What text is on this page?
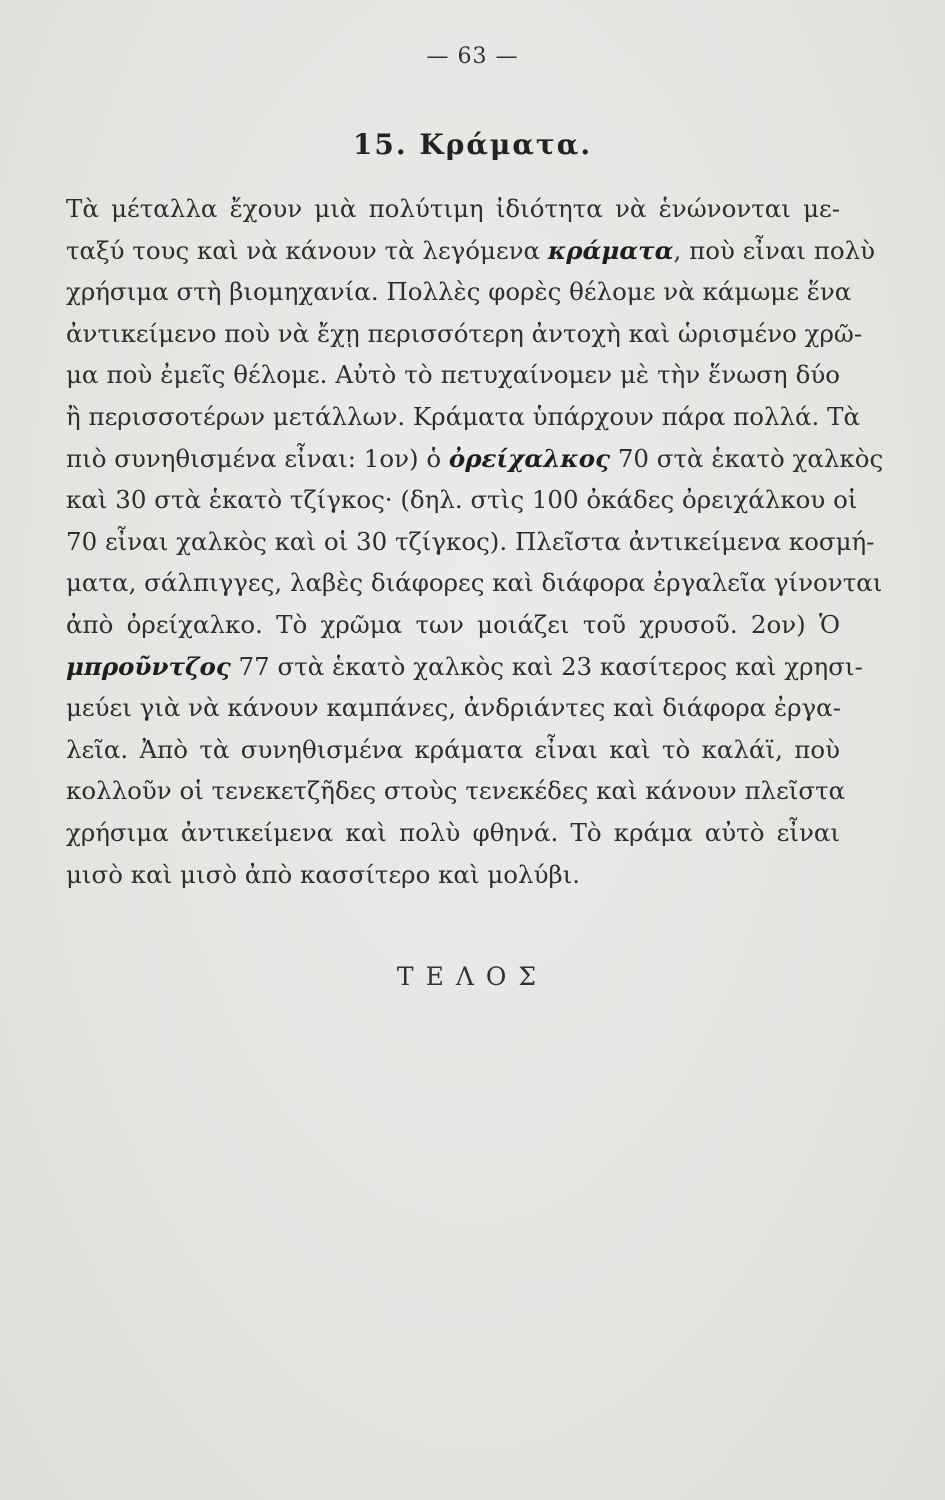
— 63 —
15. Κράματα.
Τὰ μέταλλα ἔχουν μιὰ πολύτιμη ἰδιότητα νὰ ἑνώνονται με-
ταξύ τους καὶ νὰ κάνουν τὰ λεγόμενα κράματα, ποὺ εἶναι πολὺ
χρήσιμα στὴ βιομηχανία. Πολλὲς φορὲς θέλομε νὰ κάμωμε ἕνα
ἀντικείμενο ποὺ νὰ ἔχῃ περισσότερη ἀντοχὴ καὶ ὡρισμένο χρῶ-
μα ποὺ ἐμεῖς θέλομε. Αὐτὸ τὸ πετυχαίνομεν μὲ τὴν ἕνωση δύο
ἢ περισσοτέρων μετάλλων. Κράματα ὑπάρχουν πάρα πολλά. Τὰ
πιὸ συνηθισμένα εἶναι: 1ον) ὁ ὀρείχαλκος 70 στὰ ἑκατὸ χαλκὸς
καὶ 30 στὰ ἑκατὸ τζίγκος· (δηλ. στὶς 100 ὀκάδες ὀρειχάλκου οἱ
70 εἶναι χαλκὸς καὶ οἱ 30 τζίγκος). Πλεῖστα ἀντικείμενα κοσμή-
ματα, σάλπιγγες, λαβὲς διάφορες καὶ διάφορα ἐργαλεῖα γίνονται
ἀπὸ ὀρείχαλκο. Τὸ χρῶμα των μοιάζει τοῦ χρυσοῦ. 2ον) Ὁ
μπροῦντζος 77 στὰ ἑκατὸ χαλκὸς καὶ 23 κασίτερος καὶ χρησι-
μεύει γιὰ νὰ κάνουν καμπάνες, ἀνδριάντες καὶ διάφορα ἐργα-
λεῖα. Ἀπὸ τὰ συνηθισμένα κράματα εἶναι καὶ τὸ καλάϊ, ποὺ
κολλοῦν οἱ τενεκετζῆδες στοὺς τενεκέδες καὶ κάνουν πλεῖστα
χρήσιμα ἀντικείμενα καὶ πολὺ φθηνά. Τὸ κράμα αὐτὸ εἶναι
μισὸ καὶ μισὸ ἀπὸ κασσίτερο καὶ μολύβι.
ΤΕΛΟΣ
